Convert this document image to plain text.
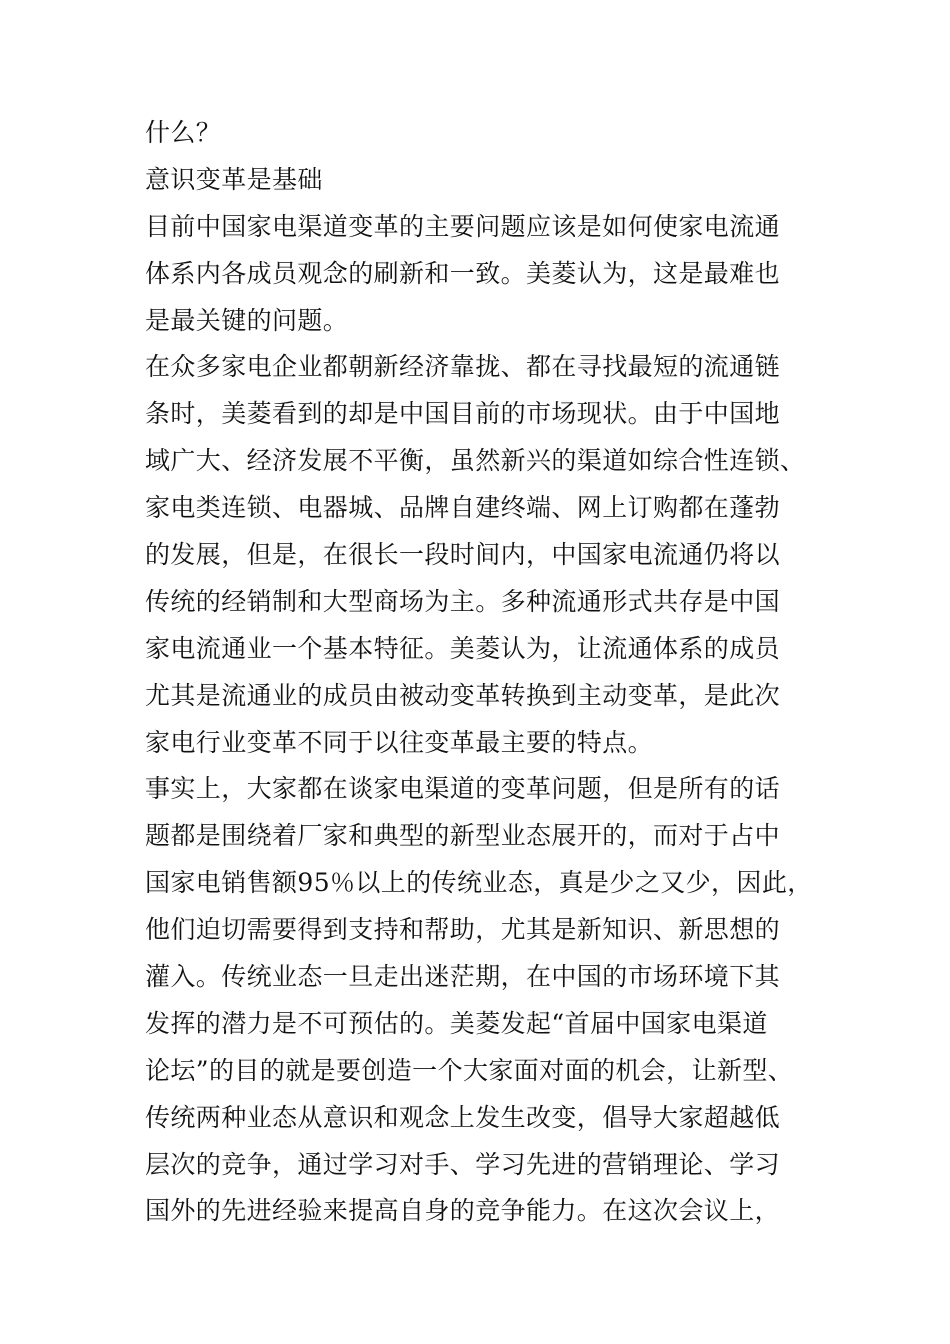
什么？
意识变革是基础
目前中国家电渠道变革的主要问题应该是如何使家电流通
体系内各成员观念的刷新和一致。美菱认为，这是最难也
是最关键的问题。
在众多家电企业都朝新经济靠拢、都在寻找最短的流通链
条时，美菱看到的却是中国目前的市场现状。由于中国地
域广大、经济发展不平衡，虽然新兴的渠道如综合性连锁、
家电类连锁、电器城、品牌自建终端、网上订购都在蓬勃
的发展，但是，在很长一段时间内，中国家电流通仍将以
传统的经销制和大型商场为主。多种流通形式共存是中国
家电流通业一个基本特征。美菱认为，让流通体系的成员
尤其是流通业的成员由被动变革转换到主动变革，是此次
家电行业变革不同于以往变革最主要的特点。
事实上，大家都在谈家电渠道的变革问题，但是所有的话
题都是围绕着厂家和典型的新型业态展开的，而对于占中
国家电销售额95％以上的传统业态，真是少之又少，因此，
他们迫切需要得到支持和帮助，尤其是新知识、新思想的
灌入。传统业态一旦走出迷茫期，在中国的市场环境下其
发挥的潜力是不可预估的。美菱发起“首届中国家电渠道
论坛”的目的就是要创造一个大家面对面的机会，让新型、
传统两种业态从意识和观念上发生改变，倡导大家超越低
层次的竞争，通过学习对手、学习先进的营销理论、学习
国外的先进经验来提高自身的竞争能力。在这次会议上，
